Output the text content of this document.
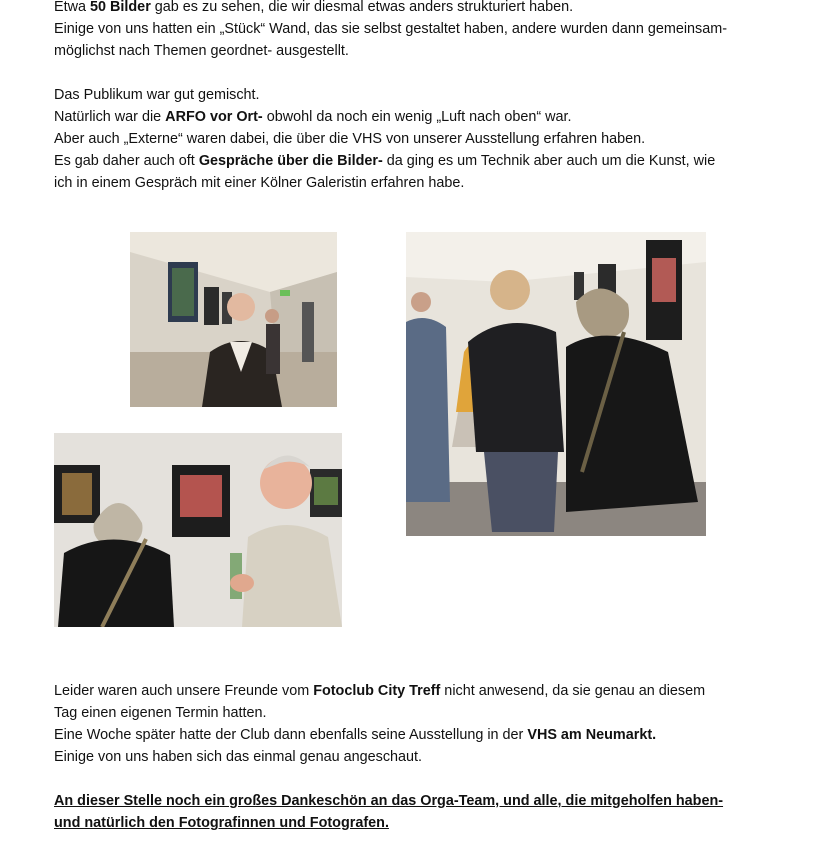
Etwa 50 Bilder gab es zu sehen, die wir diesmal etwas anders strukturiert haben.

Einige von uns hatten ein „Stück“ Wand, das sie selbst gestaltet haben, andere wurden dann gemeinsam-

möglichst nach Themen geordnet- ausgestellt.

Das Publikum war gut gemischt.

Natürlich war die ARFO vor Ort- obwohl da noch ein wenig „Luft nach oben“ war.

Aber auch „Externe“ waren dabei, die über die VHS von unserer Ausstellung erfahren haben.

Es gab daher auch oft Gespräche über die Bilder- da ging es um Technik aber auch um die Kunst, wie

ich in einem Gespräch mit einer Kölner Galeristin erfahren habe.

Leider waren auch unsere Freunde vom Fotoclub City Treff nicht anwesend, da sie genau an diesem

Tag einen eigenen Termin hatten.

Eine Woche später hatte der Club dann ebenfalls seine Ausstellung in der VHS am Neumarkt.

Einige von uns haben sich das einmal genau angeschaut.

An dieser Stelle noch ein großes Dankeschön an das Orga-Team, und alle, die mitgeholfen haben-

und natürlich den Fotografinnen und Fotografen.
